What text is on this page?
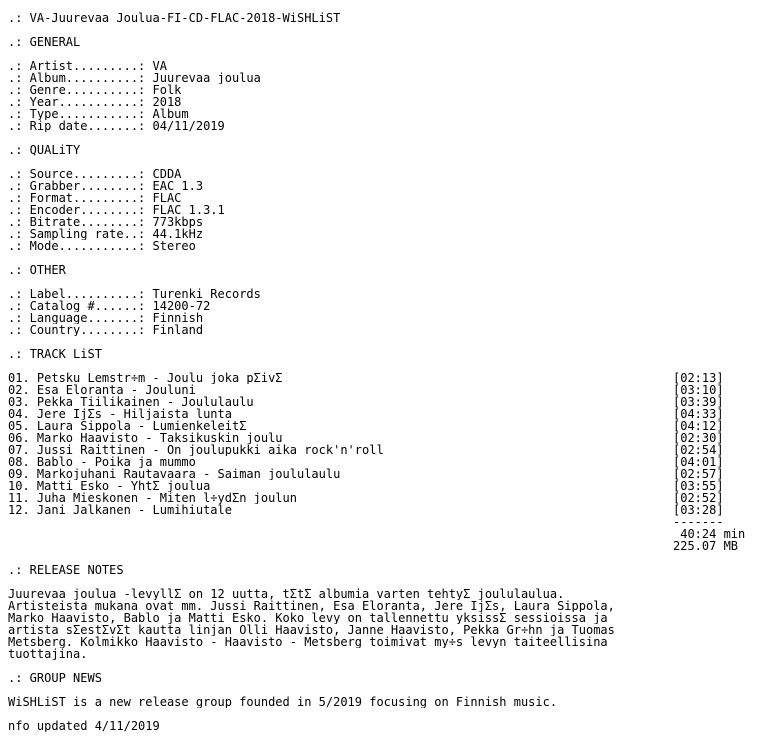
.: VA-Juurevaa_Joulua-FI-CD-FLAC-2018-WiSHLiST
.: GENERAL
.: Artist.........: VA
.: Album..........: Juurevaa joulua
.: Genre..........: Folk
.: Year...........: 2018
.: Type...........: Album
.: Rip date.......: 04/11/2019
.: QUALiTY
.: Source.........: CDDA
.: Grabber........: EAC 1.3
.: Format.........: FLAC
.: Encoder........: FLAC 1.3.1
.: Bitrate........: 773kbps
.: Sampling rate..: 44.1kHz
.: Mode...........: Stereo
.: OTHER
.: Label..........: Turenki Records
.: Catalog #......: 14200-72
.: Language.......: Finnish
.: Country........: Finland
.: TRACK LiST
01. Petsku Lemstr÷m - Joulu joka pΣivΣ	[02:13]
02. Esa Eloranta - Jouluni	[03:10]
03. Pekka Tiilikainen - Joululaulu	[03:39]
04. Jere IjΣs - Hiljaista lunta	[04:33]
05. Laura Sippola - LumienkeleitΣ	[04:12]
06. Marko Haavisto - Taksikuskin joulu	[02:30]
07. Jussi Raittinen - On joulupukki aika rock'n'roll	[02:54]
08. Bablo - Poika ja mummo	[04:01]
09. Markojuhani Rautavaara - Saiman joululaulu	[02:57]
10. Matti Esko - YhtΣ joulua	[03:55]
11. Juha Mieskonen - Miten l÷ydΣn joulun	[02:52]
12. Jani Jalkanen - Lumihiutale	[03:28]
-------
40:24 min
225.07 MB
.: RELEASE NOTES
Juurevaa joulua -levyllΣ on 12 uutta, tΣtΣ albumia varten tehtyΣ joululaulua.
Artisteista mukana ovat mm. Jussi Raittinen, Esa Eloranta, Jere IjΣs, Laura Sippola,
Marko Haavisto, Bablo ja Matti Esko. Koko levy on tallennettu yksissΣ sessioissa ja
artista sΣestΣvΣt kautta linjan Olli Haavisto, Janne Haavisto, Pekka Gr÷hn ja Tuomas
Metsberg. Kolmikko Haavisto - Haavisto - Metsberg toimivat my÷s levyn taiteellisina
tuottajina.
.: GROUP NEWS
WiSHLiST is a new release group founded in 5/2019 focusing on Finnish music.
nfo updated 4/11/2019
